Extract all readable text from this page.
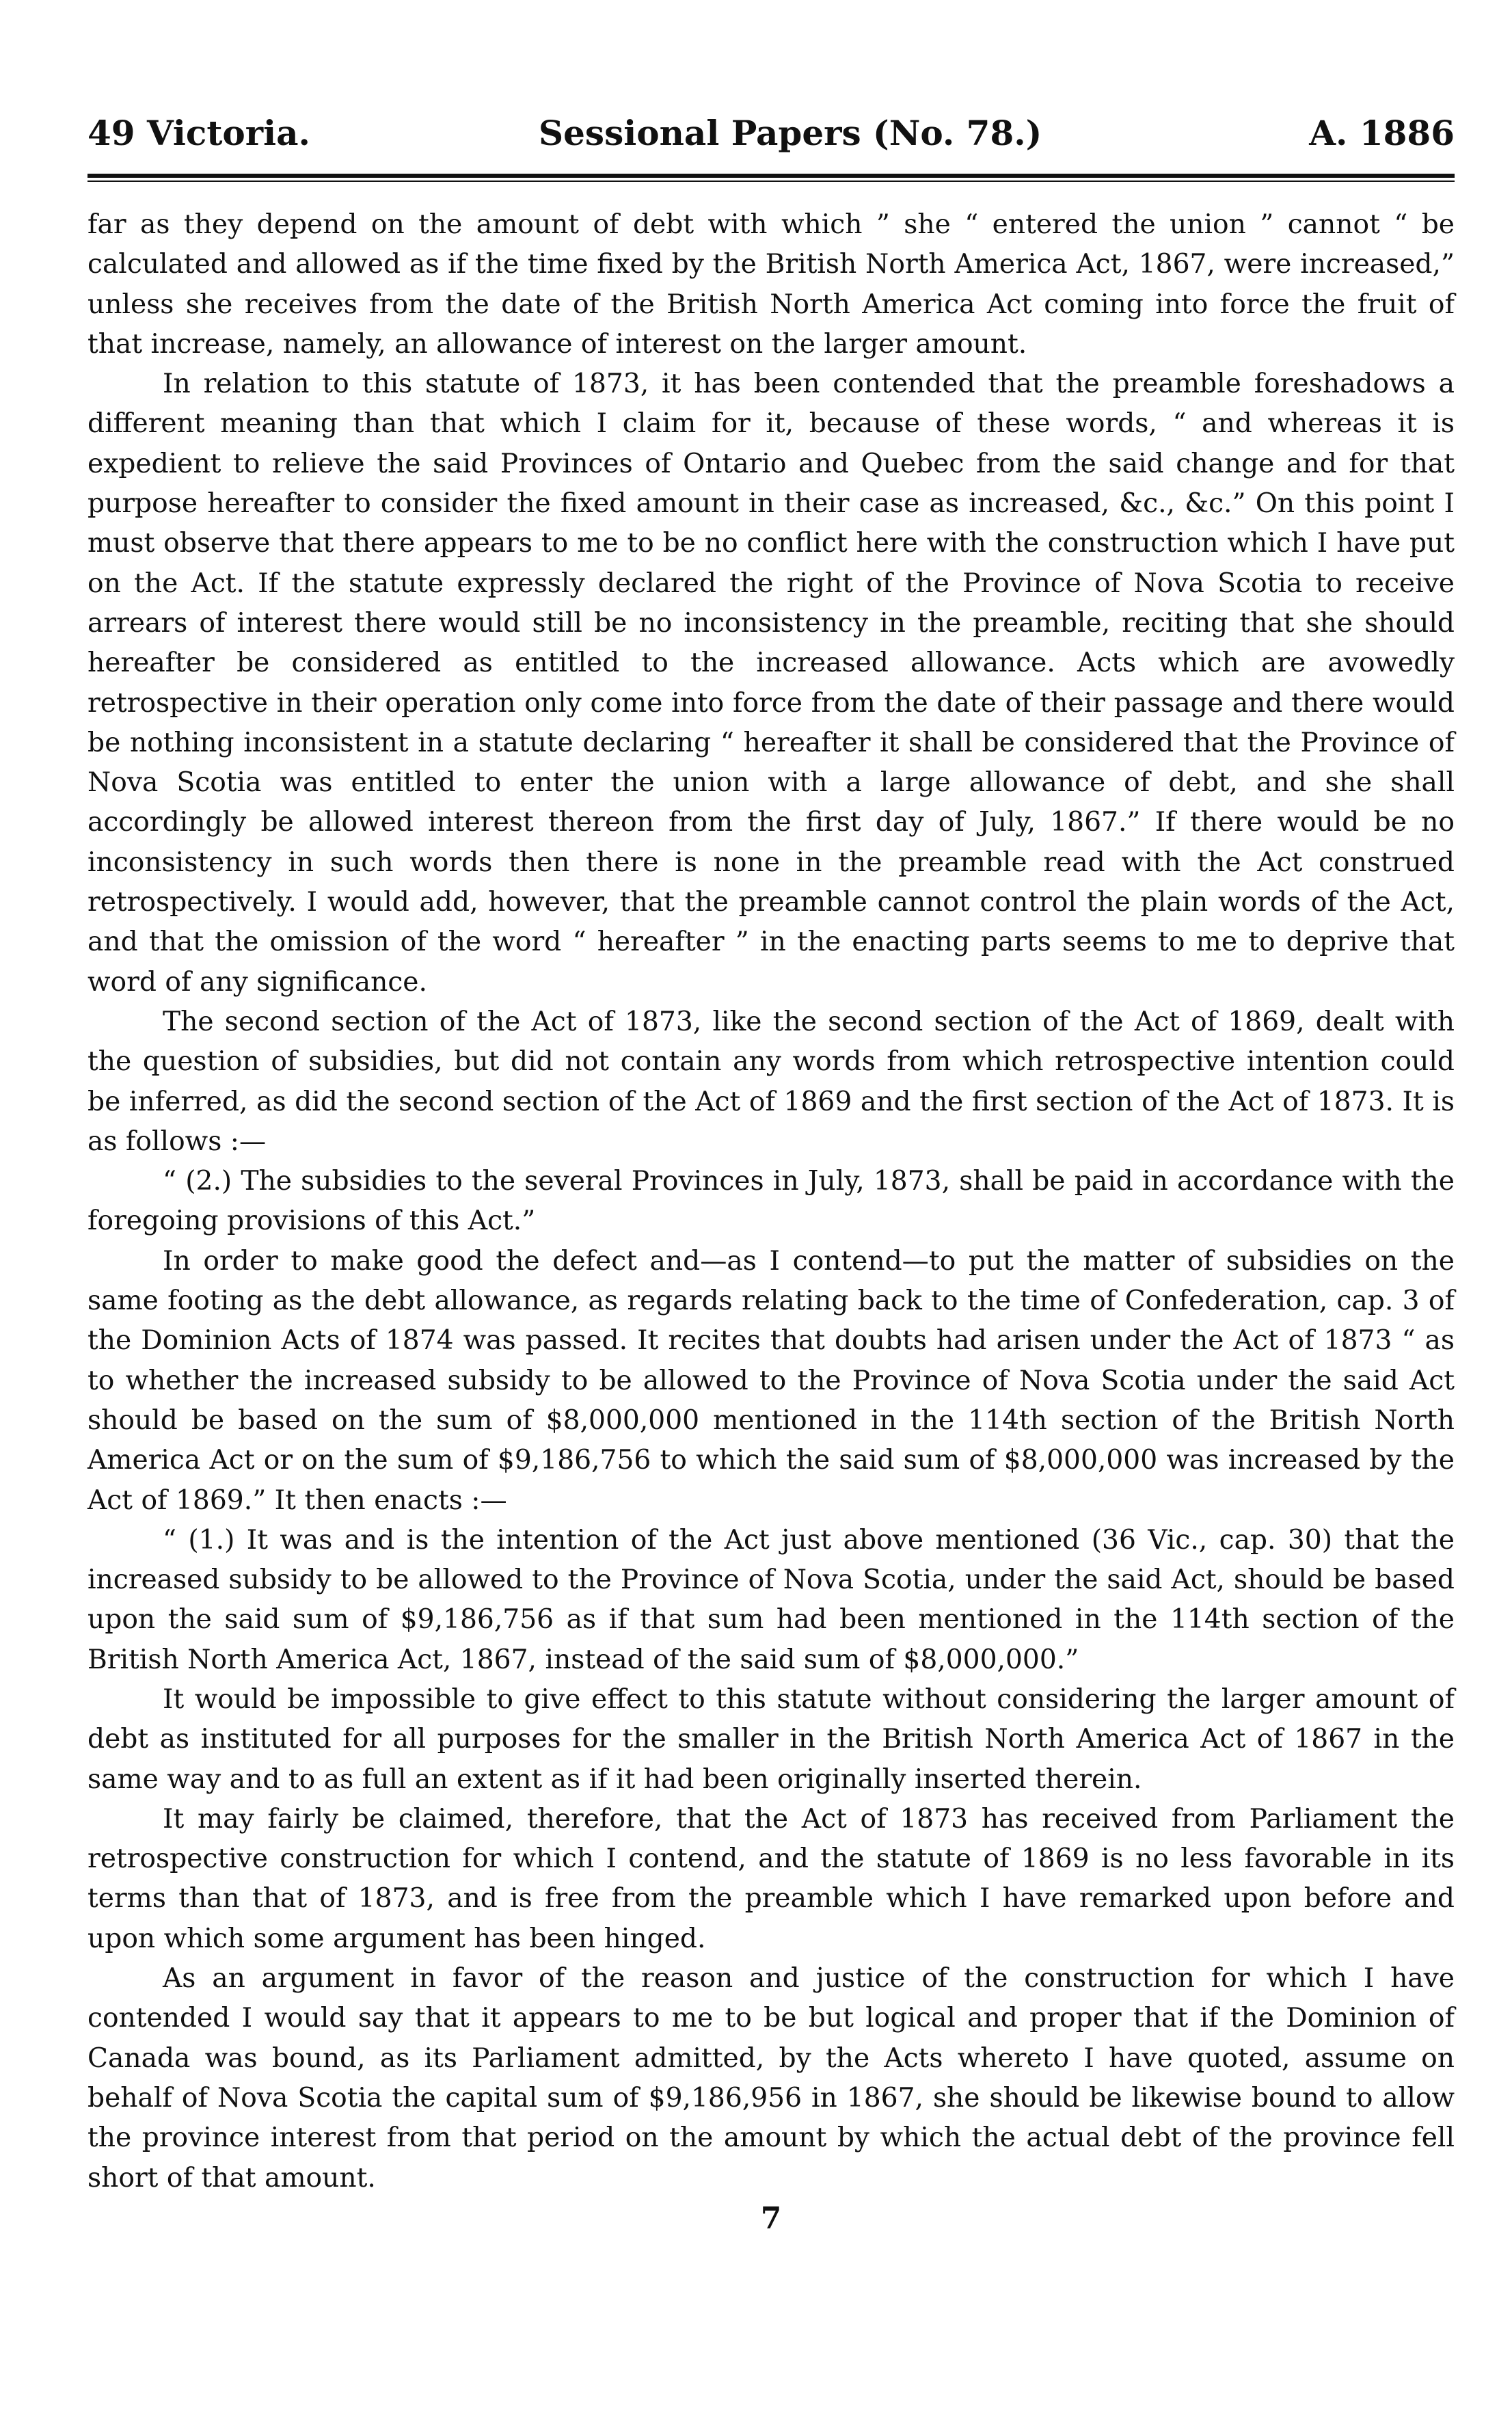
49 Victoria.	Sessional Papers (No. 78.)	A. 1886

far as they depend on the amount of debt with which ” she “ entered the union ” cannot “ be calculated and allowed as if the time fixed by the British North America Act, 1867, were increased,” unless she receives from the date of the British North America Act coming into force the fruit of that increase, namely, an allowance of interest on the larger amount.

In relation to this statute of 1873, it has been contended that the preamble foreshadows a different meaning than that which I claim for it, because of these words, “ and whereas it is expedient to relieve the said Provinces of Ontario and Quebec from the said change and for that purpose hereafter to consider the fixed amount in their case as increased, &c., &c.” On this point I must observe that there appears to me to be no conflict here with the construction which I have put on the Act. If the statute expressly declared the right of the Province of Nova Scotia to receive arrears of interest there would still be no inconsistency in the preamble, reciting that she should hereafter be considered as entitled to the increased allowance. Acts which are avowedly retrospective in their operation only come into force from the date of their passage and there would be nothing inconsistent in a statute declaring “ hereafter it shall be considered that the Province of Nova Scotia was entitled to enter the union with a large allowance of debt, and she shall accordingly be allowed interest thereon from the first day of July, 1867.” If there would be no inconsistency in such words then there is none in the preamble read with the Act construed retrospectively. I would add, however, that the preamble cannot control the plain words of the Act, and that the omission of the word “ hereafter ” in the enacting parts seems to me to deprive that word of any significance.

The second section of the Act of 1873, like the second section of the Act of 1869, dealt with the question of subsidies, but did not contain any words from which retrospective intention could be inferred, as did the second section of the Act of 1869 and the first section of the Act of 1873. It is as follows :—

“ (2.) The subsidies to the several Provinces in July, 1873, shall be paid in accordance with the foregoing provisions of this Act.”

In order to make good the defect and—as I contend—to put the matter of subsidies on the same footing as the debt allowance, as regards relating back to the time of Confederation, cap. 3 of the Dominion Acts of 1874 was passed. It recites that doubts had arisen under the Act of 1873 “ as to whether the increased subsidy to be allowed to the Province of Nova Scotia under the said Act should be based on the sum of $8,000,000 mentioned in the 114th section of the British North America Act or on the sum of $9,186,756 to which the said sum of $8,000,000 was increased by the Act of 1869.” It then enacts :—

“ (1.) It was and is the intention of the Act just above mentioned (36 Vic., cap. 30) that the increased subsidy to be allowed to the Province of Nova Scotia, under the said Act, should be based upon the said sum of $9,186,756 as if that sum had been mentioned in the 114th section of the British North America Act, 1867, instead of the said sum of $8,000,000.”

It would be impossible to give effect to this statute without considering the larger amount of debt as instituted for all purposes for the smaller in the British North America Act of 1867 in the same way and to as full an extent as if it had been originally inserted therein.

It may fairly be claimed, therefore, that the Act of 1873 has received from Parliament the retrospective construction for which I contend, and the statute of 1869 is no less favorable in its terms than that of 1873, and is free from the preamble which I have remarked upon before and upon which some argument has been hinged.

As an argument in favor of the reason and justice of the construction for which I have contended I would say that it appears to me to be but logical and proper that if the Dominion of Canada was bound, as its Parliament admitted, by the Acts whereto I have quoted, assume on behalf of Nova Scotia the capital sum of $9,186,956 in 1867, she should be likewise bound to allow the province interest from that period on the amount by which the actual debt of the province fell short of that amount.

7
